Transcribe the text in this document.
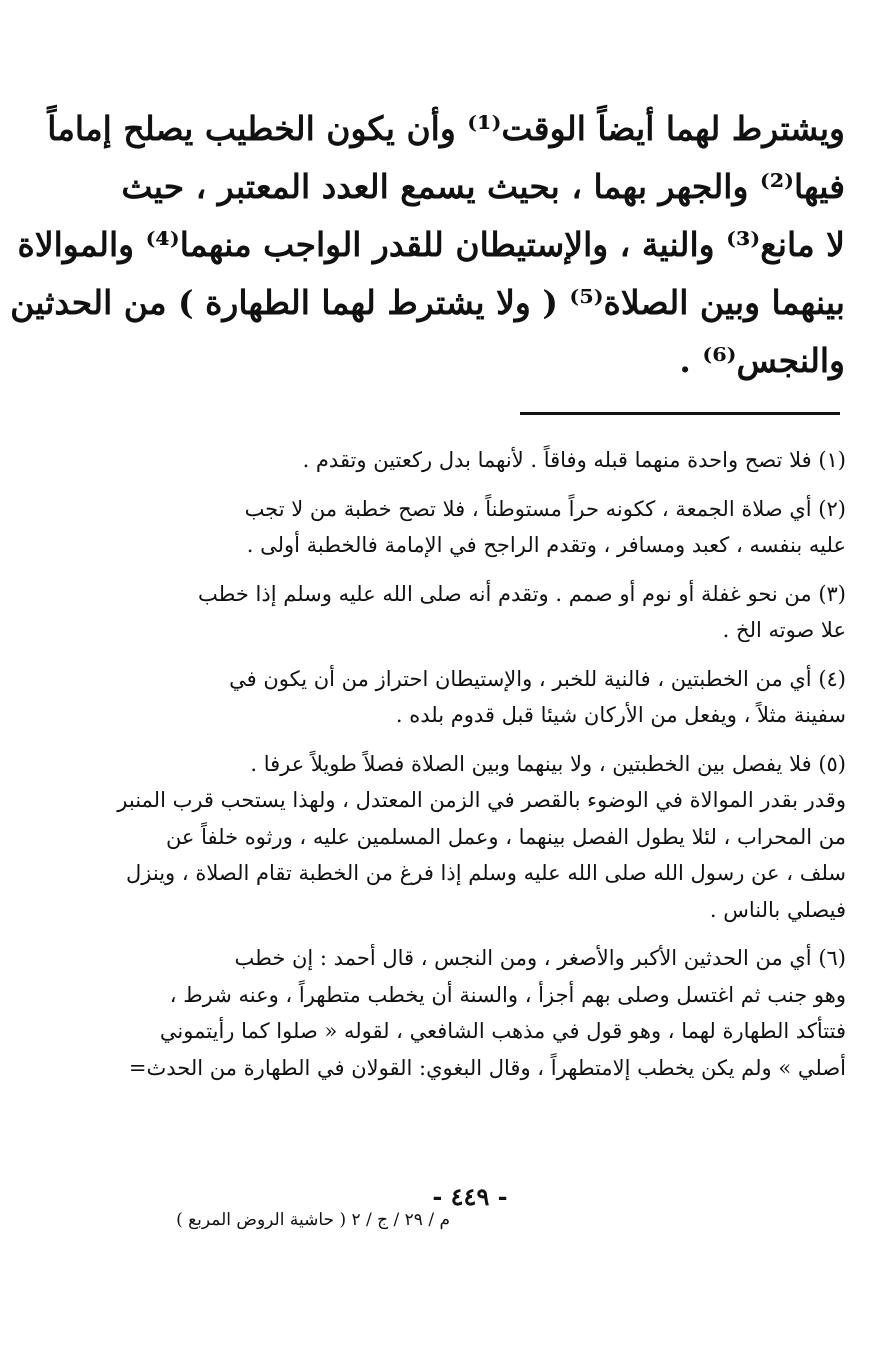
ويشترط لهما أيضاً الوقت⁽¹⁾ وأن يكون الخطيب يصلح إماماً
فيها⁽²⁾ والجهر بهما ، بحيث يسمع العدد المعتبر ، حيث
لا مانع⁽³⁾ والنية ، والإستيطان للقدر الواجب منهما⁽⁴⁾ والموالاة
بينهما وبين الصلاة⁽⁵⁾ ( ولا يشترط لهما الطهارة ) من الحدثين
والنجس⁽⁶⁾ .
(١) فلا تصح واحدة منهما قبله وفاقاً . لأنهما بدل ركعتين وتقدم .
(٢) أي صلاة الجمعة ، ككونه حراً مستوطناً ، فلا تصح خطبة من لا تجب
عليه بنفسه ، كعبد ومسافر ، وتقدم الراجح في الإمامة فالخطبة أولى .
(٣) من نحو غفلة أو نوم أو صمم . وتقدم أنه صلى الله عليه وسلم إذا خطب
علا صوته الخ .
(٤) أي من الخطبتين ، فالنية للخبر ، والإستيطان احتراز من أن يكون في
سفينة مثلاً ، ويفعل من الأركان شيئا قبل قدوم بلده .
(٥) فلا يفصل بين الخطبتين ، ولا بينهما وبين الصلاة فصلاً طويلاً عرفا .
وقدر بقدر الموالاة في الوضوء بالقصر في الزمن المعتدل ، ولهذا يستحب قرب المنبر
من المحراب ، لئلا يطول الفصل بينهما ، وعمل المسلمين عليه ، ورثوه خلفاً عن
سلف ، عن رسول الله صلى الله عليه وسلم إذا فرغ من الخطبة تقام الصلاة ، وينزل
فيصلي بالناس .
(٦) أي من الحدثين الأكبر والأصغر ، ومن النجس ، قال أحمد : إن خطب
وهو جنب ثم اغتسل وصلى بهم أجزأ ، والسنة أن يخطب متطهراً ، وعنه شرط ،
فتتأكد الطهارة لهما ، وهو قول في مذهب الشافعي ، لقوله « صلوا كما رأيتموني
أصلي » ولم يكن يخطب إلامتطهراً ، وقال البغوي: القولان في الطهارة من الحدث=
- ٤٤٩ -
م / ٢٩ / ج / ٢ ( حاشية الروض المربع )
